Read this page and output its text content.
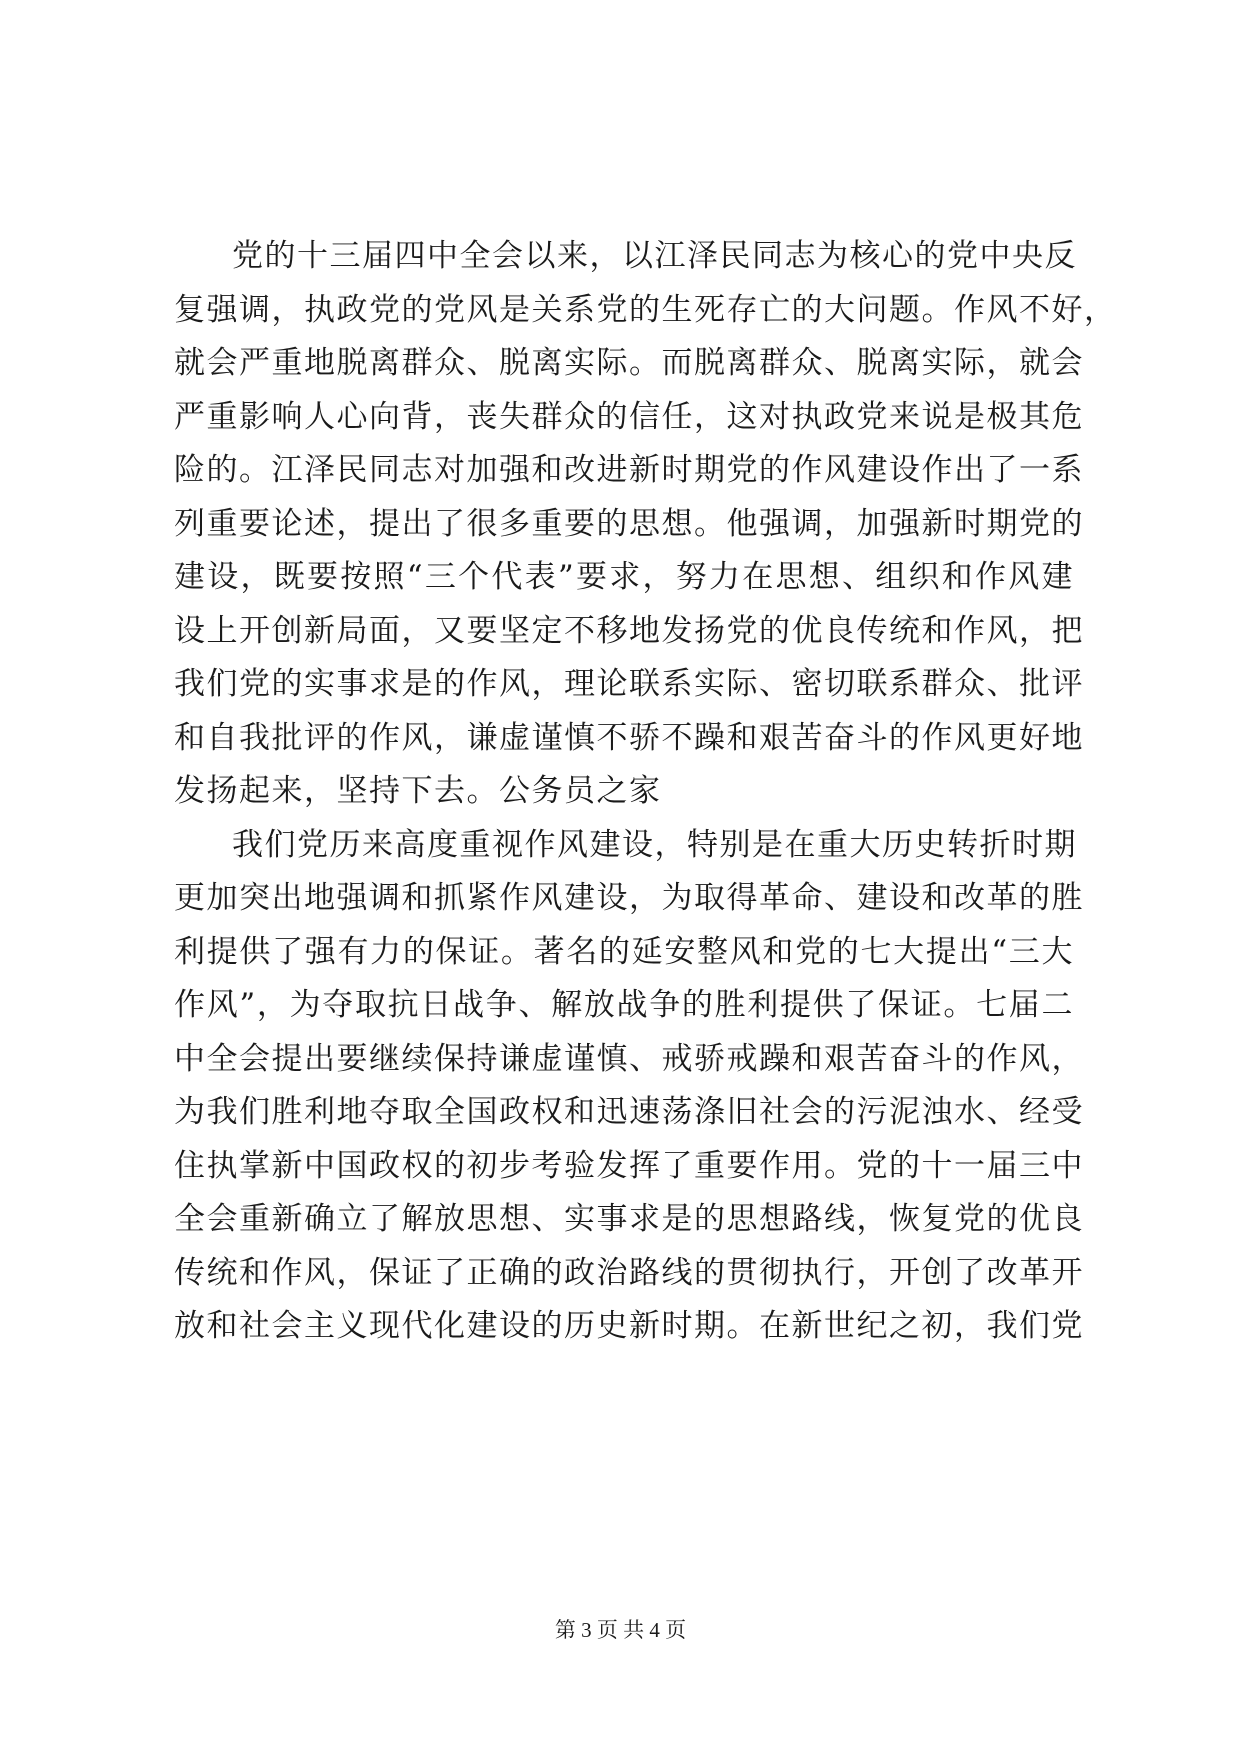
党的十三届四中全会以来，以江泽民同志为核心的党中央反
复强调，执政党的党风是关系党的生死存亡的大问题。作风不好，
就会严重地脱离群众、脱离实际。而脱离群众、脱离实际，就会
严重影响人心向背，丧失群众的信任，这对执政党来说是极其危
险的。江泽民同志对加强和改进新时期党的作风建设作出了一系
列重要论述，提出了很多重要的思想。他强调，加强新时期党的
建设，既要按照“三个代表”要求，努力在思想、组织和作风建
设上开创新局面，又要坚定不移地发扬党的优良传统和作风，把
我们党的实事求是的作风，理论联系实际、密切联系群众、批评
和自我批评的作风，谦虚谨慎不骄不躁和艰苦奋斗的作风更好地
发扬起来，坚持下去。公务员之家
我们党历来高度重视作风建设，特别是在重大历史转折时期
更加突出地强调和抓紧作风建设，为取得革命、建设和改革的胜
利提供了强有力的保证。著名的延安整风和党的七大提出“三大
作风”，为夺取抗日战争、解放战争的胜利提供了保证。七届二
中全会提出要继续保持谦虚谨慎、戒骄戒躁和艰苦奋斗的作风，
为我们胜利地夺取全国政权和迅速荡涤旧社会的污泥浊水、经受
住执掌新中国政权的初步考验发挥了重要作用。党的十一届三中
全会重新确立了解放思想、实事求是的思想路线，恢复党的优良
传统和作风，保证了正确的政治路线的贯彻执行，开创了改革开
放和社会主义现代化建设的历史新时期。在新世纪之初，我们党
第 3 页 共 4 页
